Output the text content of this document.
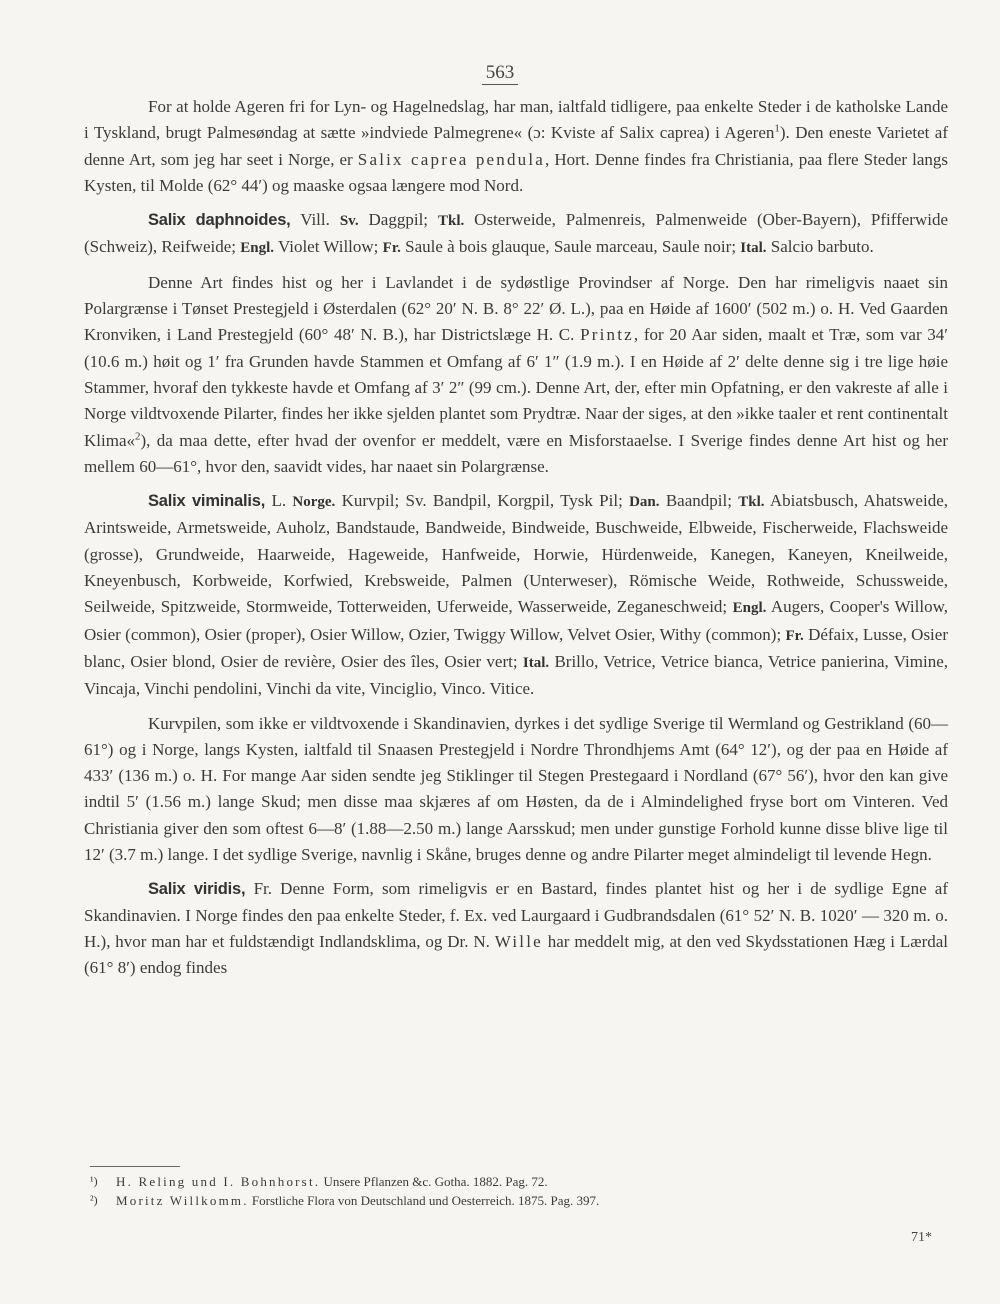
563

For at holde Ageren fri for Lyn- og Hagelnedslag, har man, ialtfald tidligere, paa enkelte Steder i de katholske Lande i Tyskland, brugt Palmesøndag at sætte »indviede Palmegrene« (ɔ: Kviste af Salix caprea) i Ageren$^1$). Den eneste Varietet af denne Art, som jeg har seet i Norge, er Salix caprea pendula, Hort. Denne findes fra Christiania, paa flere Steder langs Kysten, til Molde (62° 44′) og maaske ogsaa længere mod Nord.

Salix daphnoides, Vill. Sv. Daggpil; Tkl. Osterweide, Palmenreis, Palmenweide (Ober-Bayern), Pfifferwide (Schweiz), Reifweide; Engl. Violet Willow; Fr. Saule à bois glauque, Saule marceau, Saule noir; Ital. Salcio barbuto.

Denne Art findes hist og her i Lavlandet i de sydøstlige Provindser af Norge. Den har rimeligvis naaet sin Polargrænse i Tønset Prestegjeld i Østerdalen (62° 20′ N. B. 8° 22′ Ø. L.), paa en Høide af 1600′ (502 m.) o. H. Ved Gaarden Kronviken, i Land Prestegjeld (60° 48′ N. B.), har Districtslæge H. C. Printz, for 20 Aar siden, maalt et Træ, som var 34′ (10.6 m.) høit og 1′ fra Grunden havde Stammen et Omfang af 6′ 1″ (1.9 m.). I en Høide af 2′ delte denne sig i tre lige høie Stammer, hvoraf den tykkeste havde et Omfang af 3′ 2″ (99 cm.). Denne Art, der, efter min Opfatning, er den vakreste af alle i Norge vildtvoxende Pilarter, findes her ikke sjelden plantet som Prydtræ. Naar der siges, at den »ikke taaler et rent continentalt Klima«$^2$), da maa dette, efter hvad der ovenfor er meddelt, være en Misforstaaelse. I Sverige findes denne Art hist og her mellem 60—61°, hvor den, saavidt vides, har naaet sin Polargrænse.

Salix viminalis, L. Norge. Kurvpil; Sv. Bandpil, Korgpil, Tysk Pil; Dan. Baandpil; Tkl. Abiatsbusch, Ahatsweide, Arintsweide, Armetsweide, Auholz, Bandstaude, Bandweide, Bindweide, Buschweide, Elbweide, Fischerweide, Flachsweide (grosse), Grundweide, Haarweide, Hageweide, Hanfweide, Horwie, Hürdenweide, Kanegen, Kaneyen, Kneilweide, Kneyenbusch, Korbweide, Korfwied, Krebsweide, Palmen (Unterweser), Römische Weide, Rothweide, Schussweide, Seilweide, Spitzweide, Stormweide, Totterweiden, Uferweide, Wasserweide, Zeganeschweid; Engl. Augers, Cooper's Willow, Osier (common), Osier (proper), Osier Willow, Ozier, Twiggy Willow, Velvet Osier, Withy (common); Fr. Défaix, Lusse, Osier blanc, Osier blond, Osier de revière, Osier des îles, Osier vert; Ital. Brillo, Vetrice, Vetrice bianca, Vetrice panierina, Vimine, Vincaja, Vinchi pendolini, Vinchi da vite, Vinciglio, Vinco. Vitice.

Kurvpilen, som ikke er vildtvoxende i Skandinavien, dyrkes i det sydlige Sverige til Wermland og Gestrikland (60—61°) og i Norge, langs Kysten, ialtfald til Snaasen Prestegjeld i Nordre Throndhjems Amt (64° 12′), og der paa en Høide af 433′ (136 m.) o. H. For mange Aar siden sendte jeg Stiklinger til Stegen Prestegaard i Nordland (67° 56′), hvor den kan give indtil 5′ (1.56 m.) lange Skud; men disse maa skjæres af om Høsten, da de i Almindelighed fryse bort om Vinteren. Ved Christiania giver den som oftest 6—8′ (1.88—2.50 m.) lange Aarsskud; men under gunstige Forhold kunne disse blive lige til 12′ (3.7 m.) lange. I det sydlige Sverige, navnlig i Skåne, bruges denne og andre Pilarter meget almindeligt til levende Hegn.

Salix viridis, Fr. Denne Form, som rimeligvis er en Bastard, findes plantet hist og her i de sydlige Egne af Skandinavien. I Norge findes den paa enkelte Steder, f. Ex. ved Laurgaard i Gudbrandsdalen (61° 52′ N. B. 1020′ — 320 m. o. H.), hvor man har et fuldstændigt Indlandsklima, og Dr. N. Wille har meddelt mig, at den ved Skydsstationen Hæg i Lærdal (61° 8′) endog findes

¹) H. Reling und I. Bohnhorst. Unsere Pflanzen &c. Gotha. 1882. Pag. 72.
²) Moritz Willkomm. Forstliche Flora von Deutschland und Oesterreich. 1875. Pag. 397.
71*
